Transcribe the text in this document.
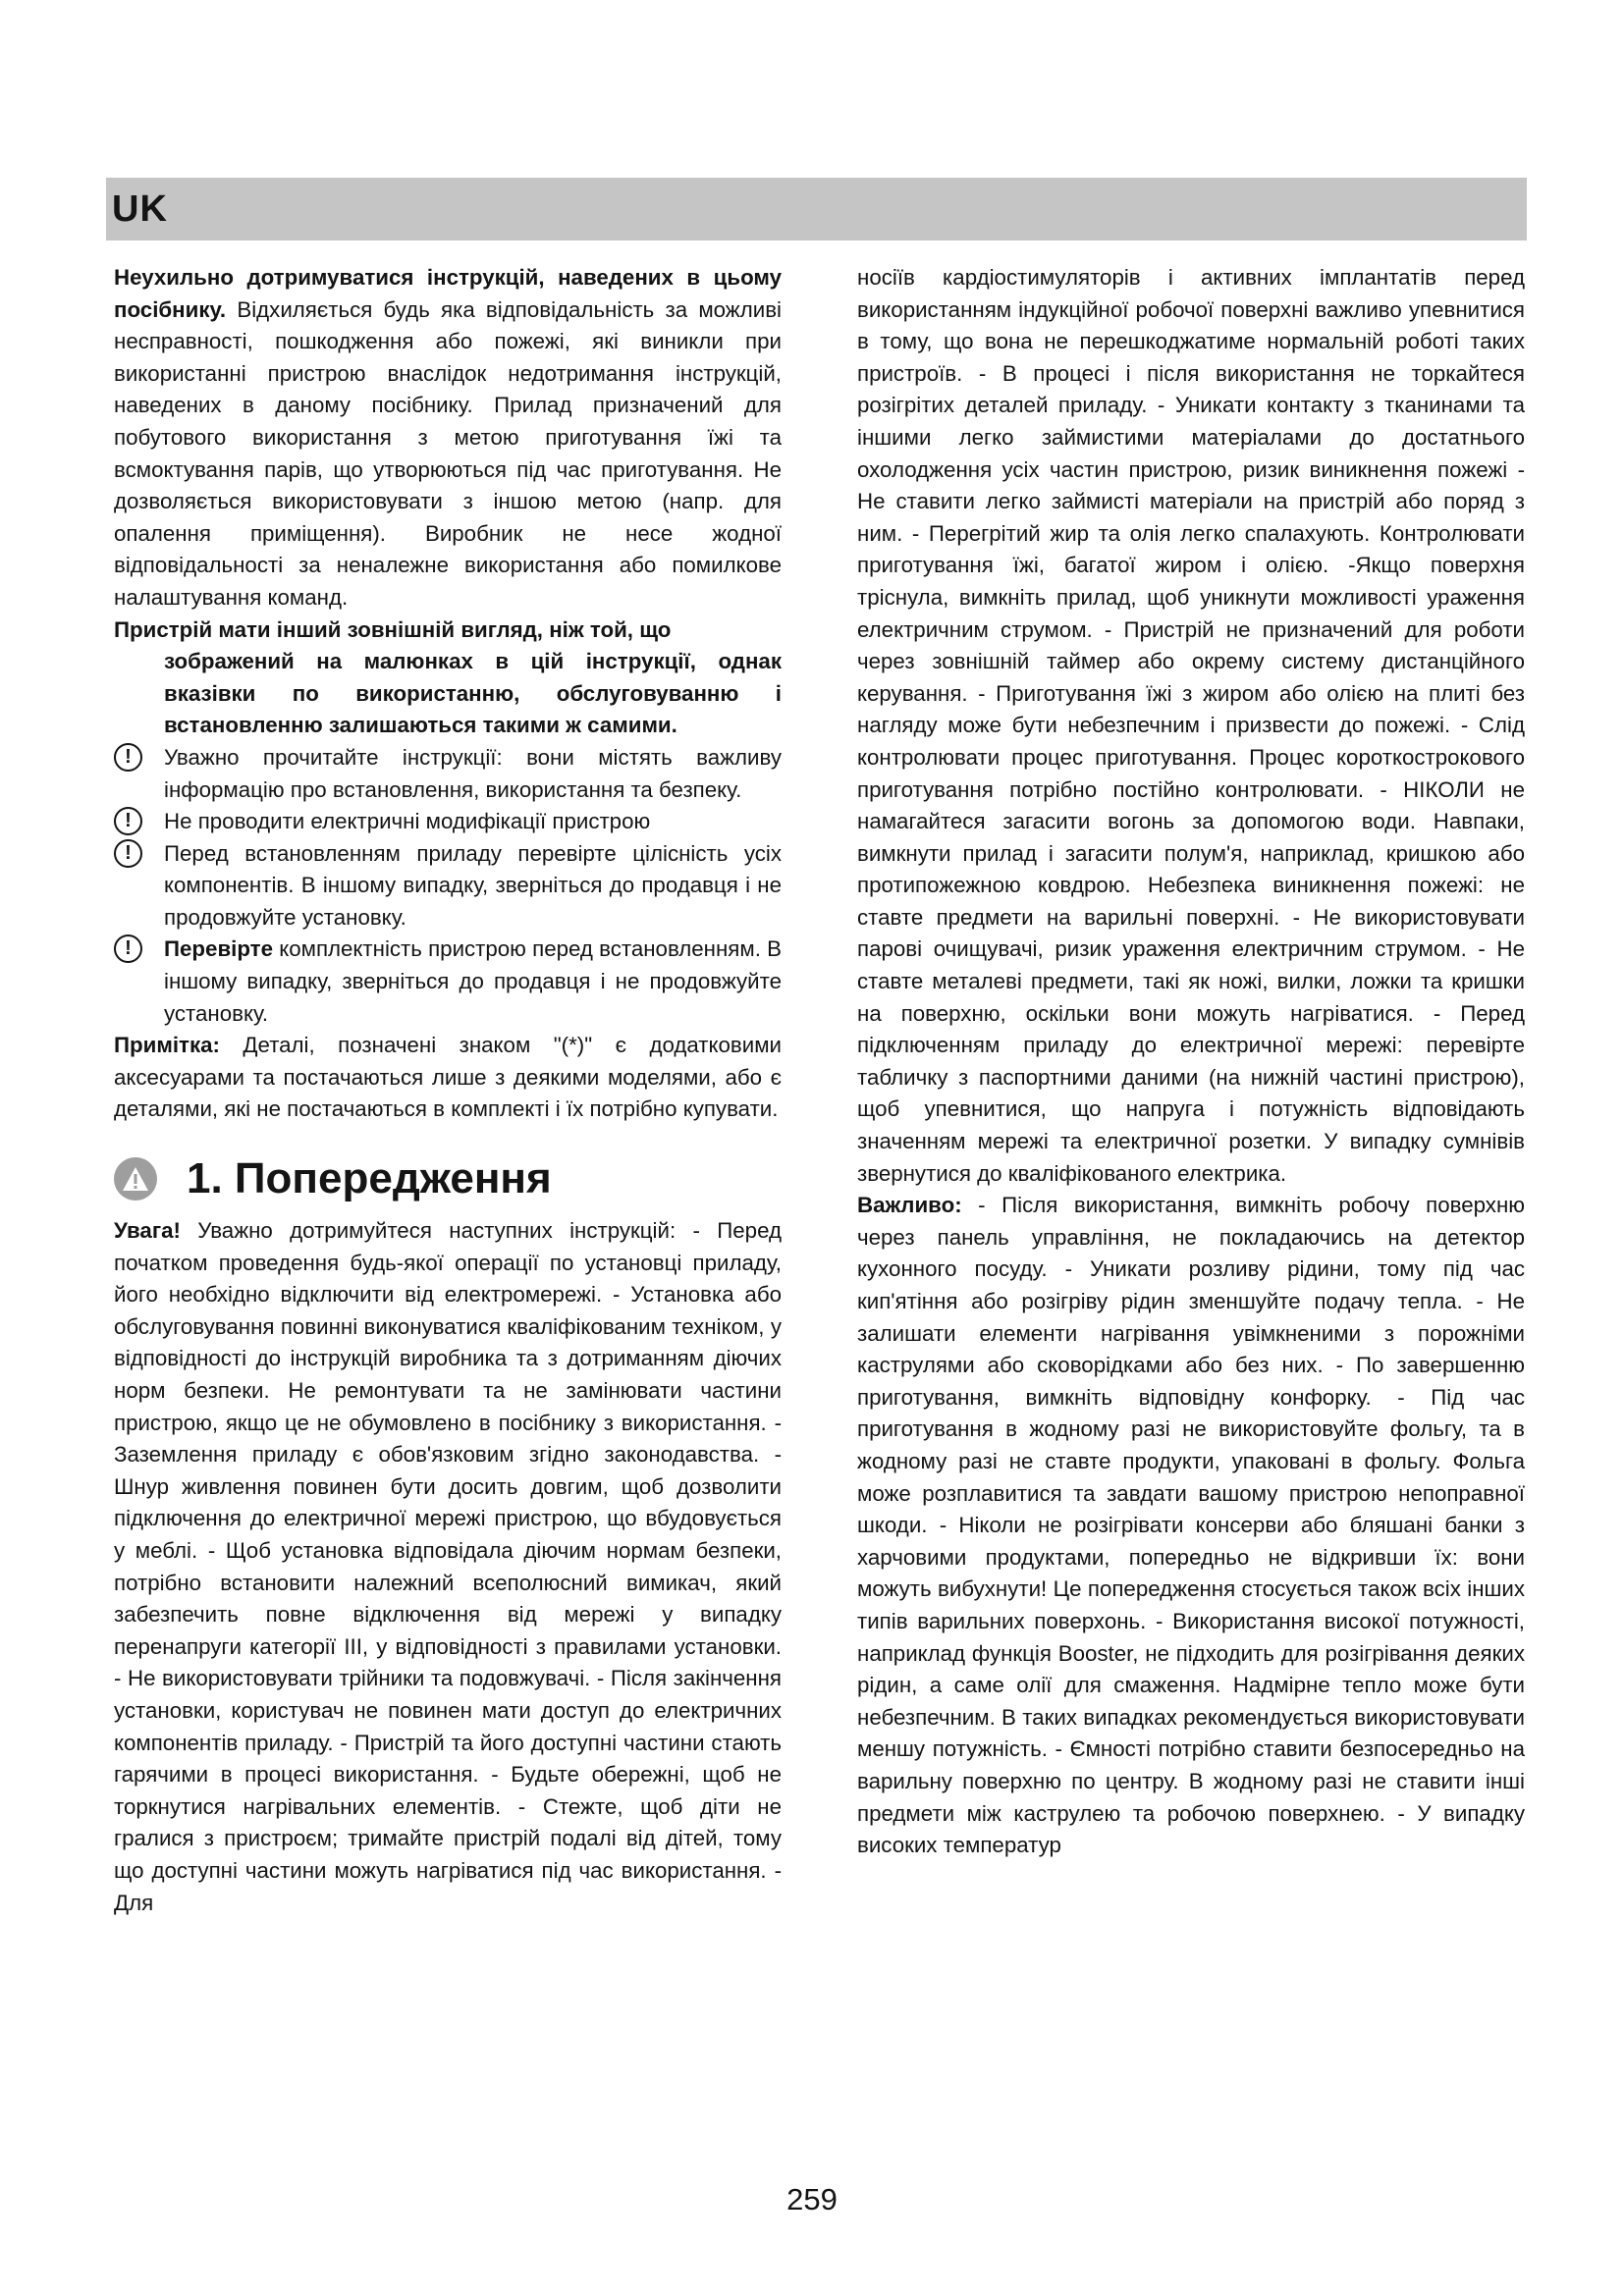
UK

Неухильно дотримуватися інструкцій, наведених в цьому посібнику. Відхиляється будь яка відповідальність за можливі несправності, пошкодження або пожежі, які виникли при використанні пристрою внаслідок недотримання інструкцій, наведених в даному посібнику. Прилад призначений для побутового використання з метою приготування їжі та всмоктування парів, що утворюються під час приготування. Не дозволяється використовувати з іншою метою (напр. для опалення приміщення). Виробник не несе жодної відповідальності за неналежне використання або помилкове налаштування команд.

Пристрій мати інший зовнішній вигляд, ніж той, що

зображений на малюнках в цій інструкції, однак вказівки по використанню, обслуговуванню і встановленню залишаються такими ж самими.

!	Уважно прочитайте інструкції: вони містять важливу інформацію про встановлення, використання та безпеку.

!	Не проводити електричні модифікації пристрою

!	Перед встановленням приладу перевірте цілісність усіх компонентів. В іншому випадку, зверніться до продавця і не продовжуйте установку.

!	Перевірте комплектність пристрою перед встановленням. В іншому випадку, зверніться до продавця і не продовжуйте установку.

Примітка: Деталі, позначені знаком "(*)" є додатковими аксесуарами та постачаються лише з деякими моделями, або є деталями, які не постачаються в комплекті і їх потрібно купувати.

1. Попередження

Увага! Уважно дотримуйтеся наступних інструкцій: - Перед початком проведення будь-якої операції по установці приладу, його необхідно відключити від електромережі. - Установка або обслуговування повинні виконуватися кваліфікованим техніком, у відповідності до інструкцій виробника та з дотриманням діючих норм безпеки. Не ремонтувати та не замінювати частини пристрою, якщо це не обумовлено в посібнику з використання. - Заземлення приладу є обов'язковим згідно законодавства. - Шнур живлення повинен бути досить довгим, щоб дозволити підключення до електричної мережі пристрою, що вбудовується у меблі. - Щоб установка відповідала діючим нормам безпеки, потрібно встановити належний всеполюсний вимикач, який забезпечить повне відключення від мережі у випадку перенапруги категорії III, у відповідності з правилами установки. - Не використовувати трійники та подовжувачі. - Після закінчення установки, користувач не повинен мати доступ до електричних компонентів приладу. - Пристрій та його доступні частини стають гарячими в процесі використання. - Будьте обережні, щоб не торкнутися нагрівальних елементів. - Стежте, щоб діти не гралися з пристроєм; тримайте пристрій подалі від дітей, тому що доступні частини можуть нагріватися під час використання. - Для

носіїв кардіостимуляторів і активних імплантатів перед використанням індукційної робочої поверхні важливо упевнитися в тому, що вона не перешкоджатиме нормальній роботі таких пристроїв. - В процесі і після використання не торкайтеся розігрітих деталей приладу. - Уникати контакту з тканинами та іншими легко займистими матеріалами до достатнього охолодження усіх частин пристрою, ризик виникнення пожежі - Не ставити легко займисті матеріали на пристрій або поряд з ним. - Перегрітий жир та олія легко спалахують. Контролювати приготування їжі, багатої жиром і олією. -Якщо поверхня тріснула, вимкніть прилад, щоб уникнути можливості ураження електричним струмом. - Пристрій не призначений для роботи через зовнішній таймер або окрему систему дистанційного керування. - Приготування їжі з жиром або олією на плиті без нагляду може бути небезпечним і призвести до пожежі. - Слід контролювати процес приготування. Процес короткострокового приготування потрібно постійно контролювати. - НІКОЛИ не намагайтеся загасити вогонь за допомогою води. Навпаки, вимкнути прилад і загасити полум'я, наприклад, кришкою або протипожежною ковдрою. Небезпека виникнення пожежі: не ставте предмети на варильні поверхні. - Не використовувати парові очищувачі, ризик ураження електричним струмом. - Не ставте металеві предмети, такі як ножі, вилки, ложки та кришки на поверхню, оскільки вони можуть нагріватися. - Перед підключенням приладу до електричної мережі: перевірте табличку з паспортними даними (на нижній частині пристрою), щоб упевнитися, що напруга і потужність відповідають значенням мережі та електричної розетки. У випадку сумнівів звернутися до кваліфікованого електрика.

Важливо: - Після використання, вимкніть робочу поверхню через панель управління, не покладаючись на детектор кухонного посуду. - Уникати розливу рідини, тому під час кип'ятіння або розігріву рідин зменшуйте подачу тепла. - Не залишати елементи нагрівання увімкненими з порожніми каструлями або сковорідками або без них. - По завершенню приготування, вимкніть відповідну конфорку. - Під час приготування в жодному разі не використовуйте фольгу, та в жодному разі не ставте продукти, упаковані в фольгу. Фольга може розплавитися та завдати вашому пристрою непоправної шкоди. - Ніколи не розігрівати консерви або бляшані банки з харчовими продуктами, попередньо не відкривши їх: вони можуть вибухнути! Це попередження стосується також всіх інших типів варильних поверхонь. - Використання високої потужності, наприклад функція Booster, не підходить для розігрівання деяких рідин, а саме олії для смаження. Надмірне тепло може бути небезпечним. В таких випадках рекомендується використовувати меншу потужність. - Ємності потрібно ставити безпосередньо на варильну поверхню по центру. В жодному разі не ставити інші предмети між каструлею та робочою поверхнею. - У випадку високих температур

259
